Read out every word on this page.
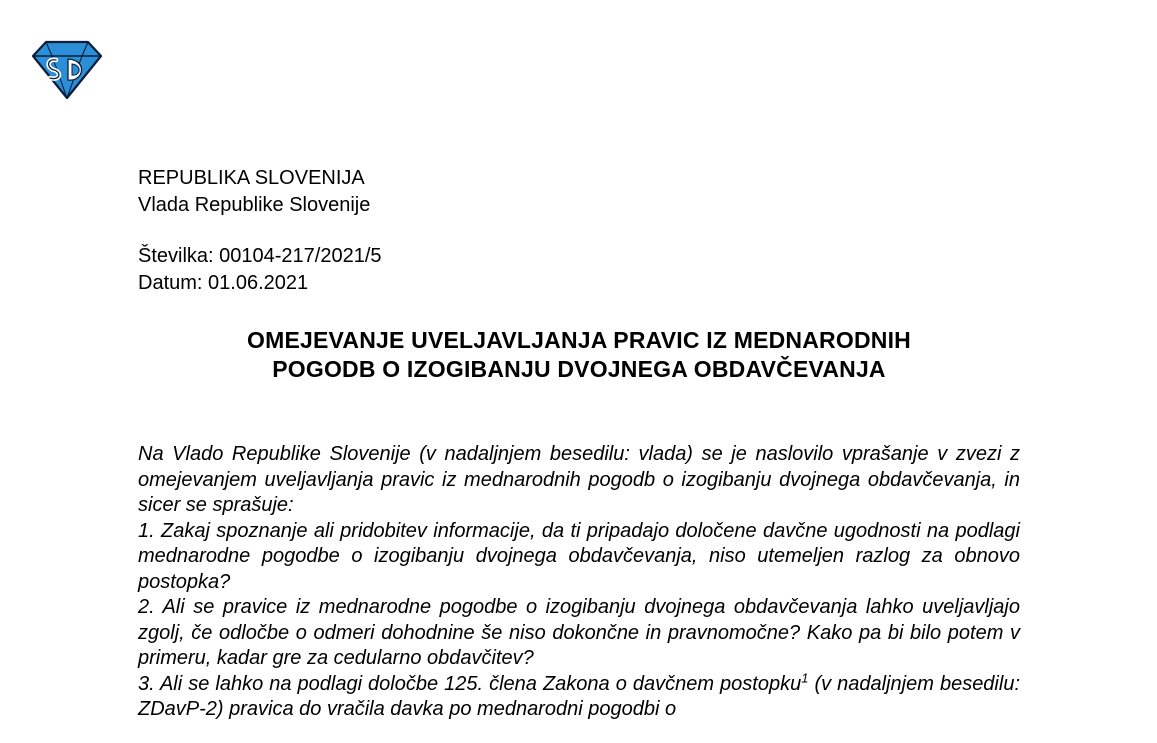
REPUBLIKA SLOVENIJA
Vlada Republike Slovenije
Številka: 00104-217/2021/5
Datum: 01.06.2021
OMEJEVANJE UVELJAVLJANJA PRAVIC IZ MEDNARODNIH
POGODB O IZOGIBANJU DVOJNEGA OBDAVČEVANJA

Na Vlado Republike Slovenije (v nadaljnjem besedilu: vlada) se je naslovilo vprašanje v zvezi z omejevanjem uveljavljanja pravic iz mednarodnih pogodb o izogibanju dvojnega obdavčevanja, in sicer se sprašuje:

1. Zakaj spoznanje ali pridobitev informacije, da ti pripadajo določene davčne ugodnosti na podlagi mednarodne pogodbe o izogibanju dvojnega obdavčevanja, niso utemeljen razlog za obnovo postopka?

2. Ali se pravice iz mednarodne pogodbe o izogibanju dvojnega obdavčevanja lahko uveljavljajo zgolj, če odločbe o odmeri dohodnine še niso dokončne in pravnomočne? Kako pa bi bilo potem v primeru, kadar gre za cedularno obdavčitev?

3. Ali se lahko na podlagi določbe 125. člena Zakona o davčnem postopku$^1$ (v nadaljnjem besedilu: ZDavP-2) pravica do vračila davka po mednarodni pogodbi o
